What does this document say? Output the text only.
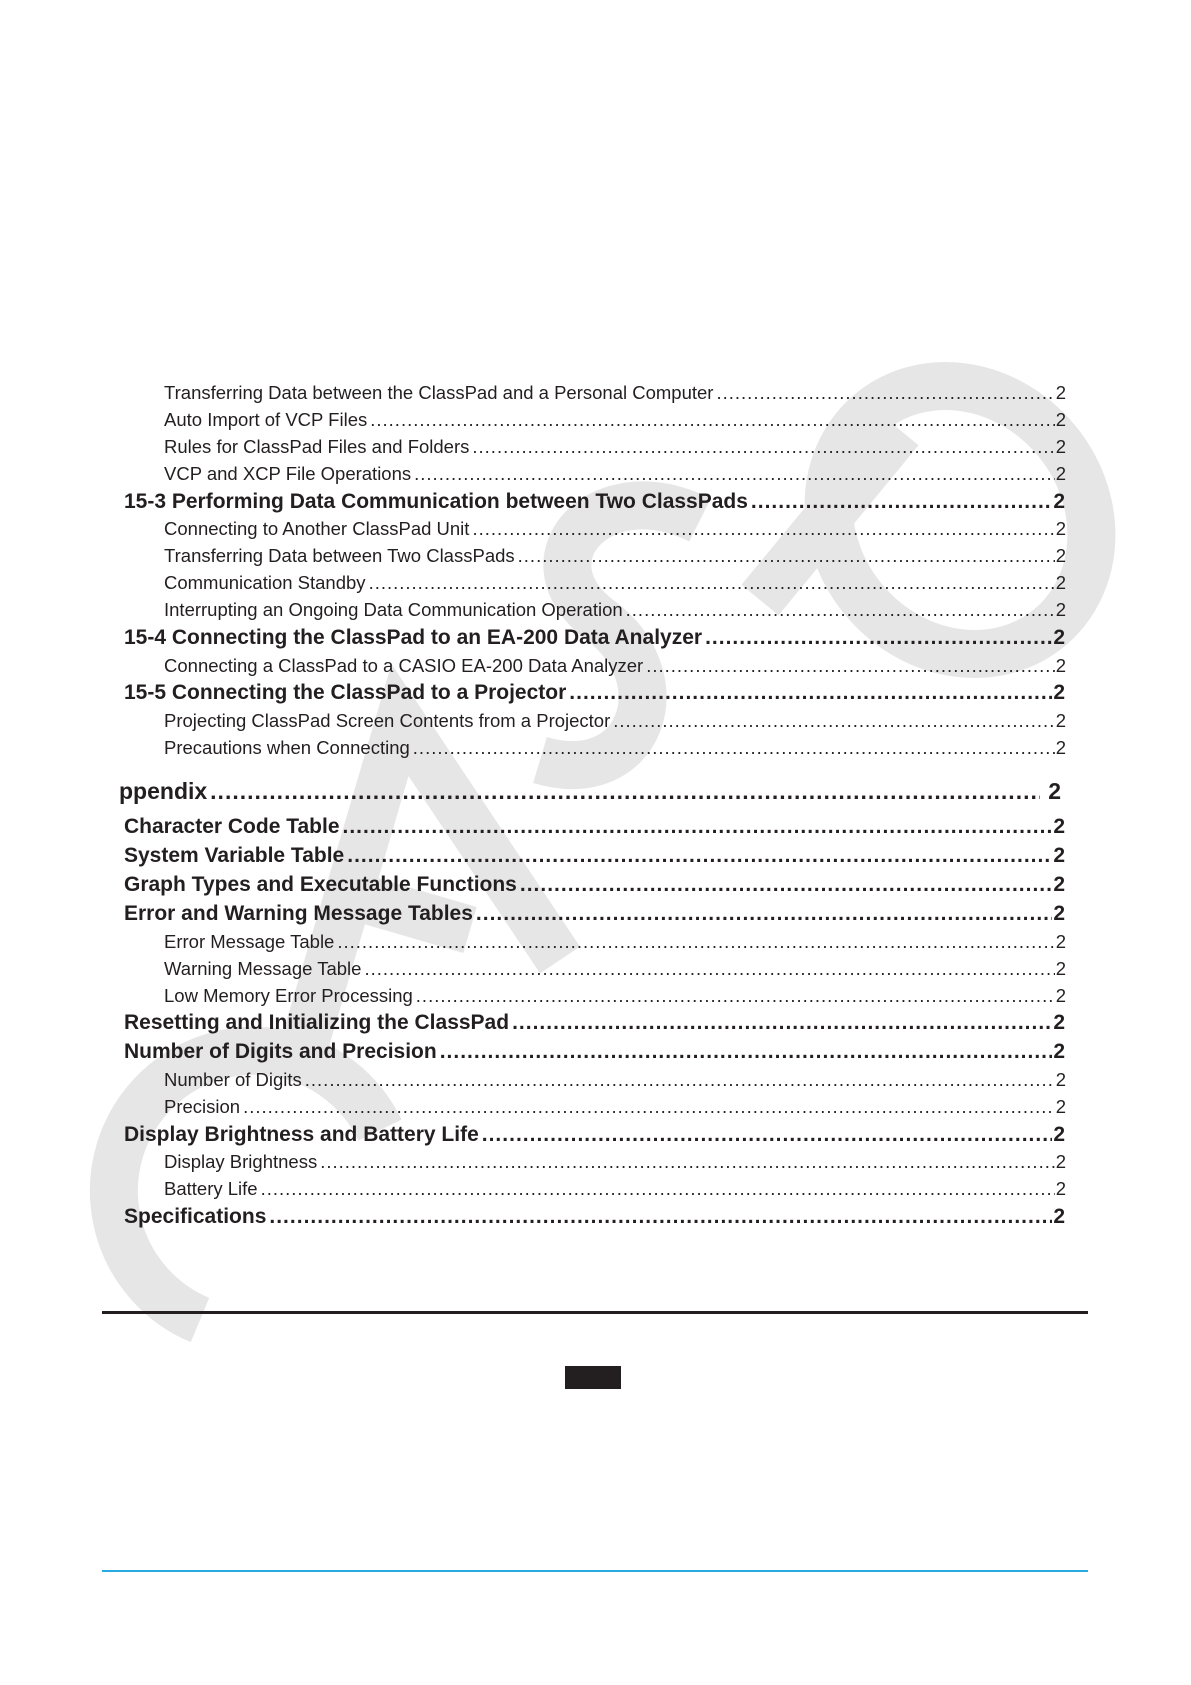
Transferring Data between the ClassPad and a Personal Computer .....	2
Auto Import of VCP Files .....	2
Rules for ClassPad Files and Folders .....	2
VCP and XCP File Operations .....	2
15-3 Performing Data Communication between Two ClassPads .....	2
Connecting to Another ClassPad Unit .....	2
Transferring Data between Two ClassPads .....	2
Communication Standby .....	2
Interrupting an Ongoing Data Communication Operation .....	2
15-4 Connecting the ClassPad to an EA-200 Data Analyzer .....	2
Connecting a ClassPad to a CASIO EA-200 Data Analyzer .....	2
15-5 Connecting the ClassPad to a Projector .....	2
Projecting ClassPad Screen Contents from a Projector .....	2
Precautions when Connecting .....	2
ppendix .....	2
Character Code Table .....	2
System Variable Table .....	2
Graph Types and Executable Functions .....	2
Error and Warning Message Tables .....	2
Error Message Table .....	2
Warning Message Table .....	2
Low Memory Error Processing .....	2
Resetting and Initializing the ClassPad .....	2
Number of Digits and Precision .....	2
Number of Digits .....	2
Precision .....	2
Display Brightness and Battery Life .....	2
Display Brightness .....	2
Battery Life .....	2
Specifications .....	2
